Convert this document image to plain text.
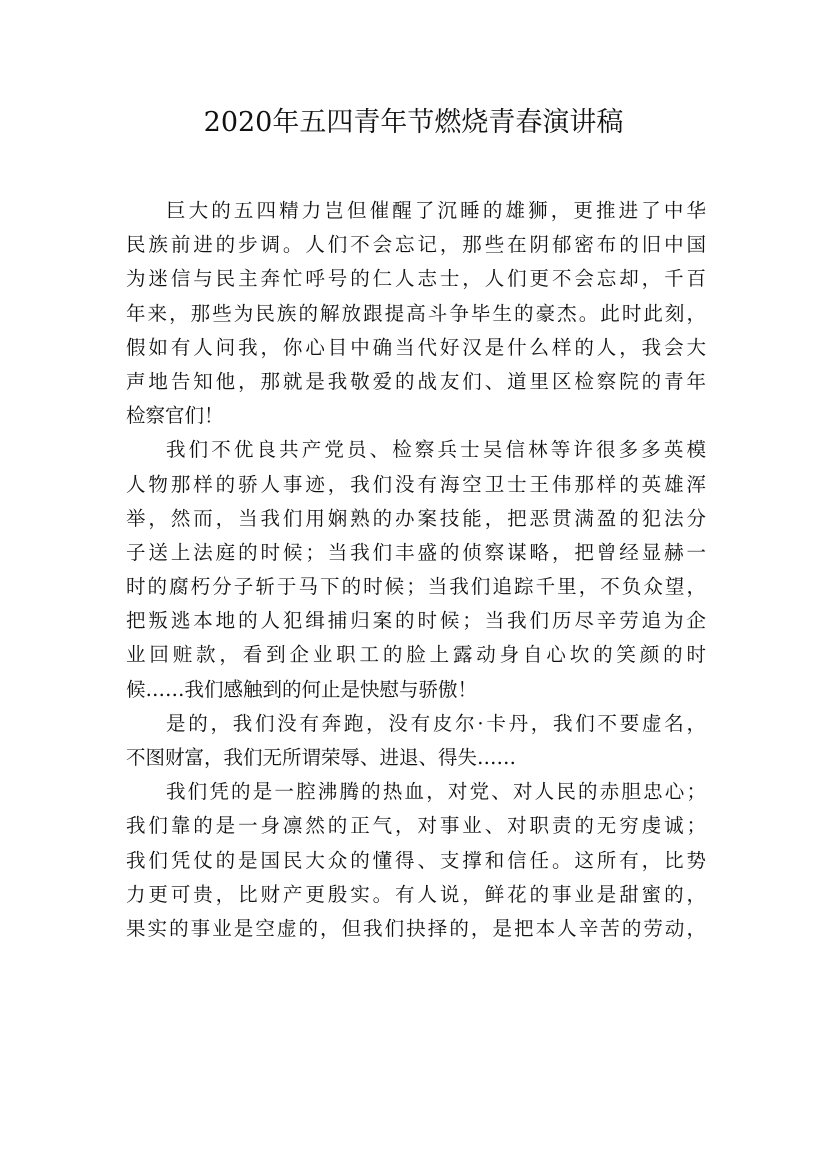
2020年五四青年节燃烧青春演讲稿
巨大的五四精力岂但催醒了沉睡的雄狮，更推进了中华
民族前进的步调。人们不会忘记，那些在阴郁密布的旧中国
为迷信与民主奔忙呼号的仁人志士，人们更不会忘却，千百
年来，那些为民族的解放跟提高斗争毕生的豪杰。此时此刻，
假如有人问我，你心目中确当代好汉是什么样的人，我会大
声地告知他，那就是我敬爱的战友们、道里区检察院的青年
检察官们！
我们不优良共产党员、检察兵士吴信林等许很多多英模
人物那样的骄人事迹，我们没有海空卫士王伟那样的英雄浑
举，然而，当我们用娴熟的办案技能，把恶贯满盈的犯法分
子送上法庭的时候；当我们丰盛的侦察谋略，把曾经显赫一
时的腐朽分子斩于马下的时候；当我们追踪千里，不负众望，
把叛逃本地的人犯缉捕归案的时候；当我们历尽辛劳追为企
业回赃款，看到企业职工的脸上露动身自心坎的笑颜的时
候……我们感触到的何止是快慰与骄傲！
是的，我们没有奔跑，没有皮尔·卡丹，我们不要虚名，
不图财富，我们无所谓荣辱、进退、得失……
我们凭的是一腔沸腾的热血，对党、对人民的赤胆忠心；
我们靠的是一身凛然的正气，对事业、对职责的无穷虔诚；
我们凭仗的是国民大众的懂得、支撑和信任。这所有，比势
力更可贵，比财产更殷实。有人说，鲜花的事业是甜蜜的，
果实的事业是空虚的，但我们抉择的，是把本人辛苦的劳动，
